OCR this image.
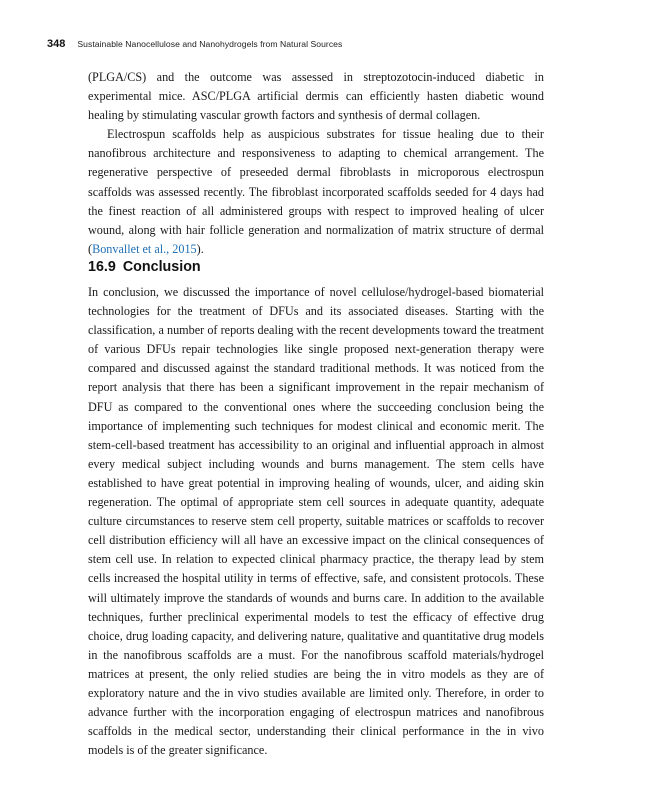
348 Sustainable Nanocellulose and Nanohydrogels from Natural Sources

(PLGA/CS) and the outcome was assessed in streptozotocin-induced diabetic in experimental mice. ASC/PLGA artificial dermis can efficiently hasten diabetic wound healing by stimulating vascular growth factors and synthesis of dermal collagen.

Electrospun scaffolds help as auspicious substrates for tissue healing due to their nanofibrous architecture and responsiveness to adapting to chemical arrangement. The regenerative perspective of preseeded dermal fibroblasts in microporous electrospun scaffolds was assessed recently. The fibroblast incorporated scaffolds seeded for 4 days had the finest reaction of all administered groups with respect to improved healing of ulcer wound, along with hair follicle generation and normalization of matrix structure of dermal (Bonvallet et al., 2015).

16.9 Conclusion

In conclusion, we discussed the importance of novel cellulose/hydrogel-based biomaterial technologies for the treatment of DFUs and its associated diseases. Starting with the classification, a number of reports dealing with the recent developments toward the treatment of various DFUs repair technologies like single proposed next-generation therapy were compared and discussed against the standard traditional methods. It was noticed from the report analysis that there has been a significant improvement in the repair mechanism of DFU as compared to the conventional ones where the succeeding conclusion being the importance of implementing such techniques for modest clinical and economic merit. The stem-cell-based treatment has accessibility to an original and influential approach in almost every medical subject including wounds and burns management. The stem cells have established to have great potential in improving healing of wounds, ulcer, and aiding skin regeneration. The optimal of appropriate stem cell sources in adequate quantity, adequate culture circumstances to reserve stem cell property, suitable matrices or scaffolds to recover cell distribution efficiency will all have an excessive impact on the clinical consequences of stem cell use. In relation to expected clinical pharmacy practice, the therapy lead by stem cells increased the hospital utility in terms of effective, safe, and consistent protocols. These will ultimately improve the standards of wounds and burns care. In addition to the available techniques, further preclinical experimental models to test the efficacy of effective drug choice, drug loading capacity, and delivering nature, qualitative and quantitative drug models in the nanofibrous scaffolds are a must. For the nanofibrous scaffold materials/hydrogel matrices at present, the only relied studies are being the in vitro models as they are of exploratory nature and the in vivo studies available are limited only. Therefore, in order to advance further with the incorporation engaging of electrospun matrices and nanofibrous scaffolds in the medical sector, understanding their clinical performance in the in vivo models is of the greater significance.
